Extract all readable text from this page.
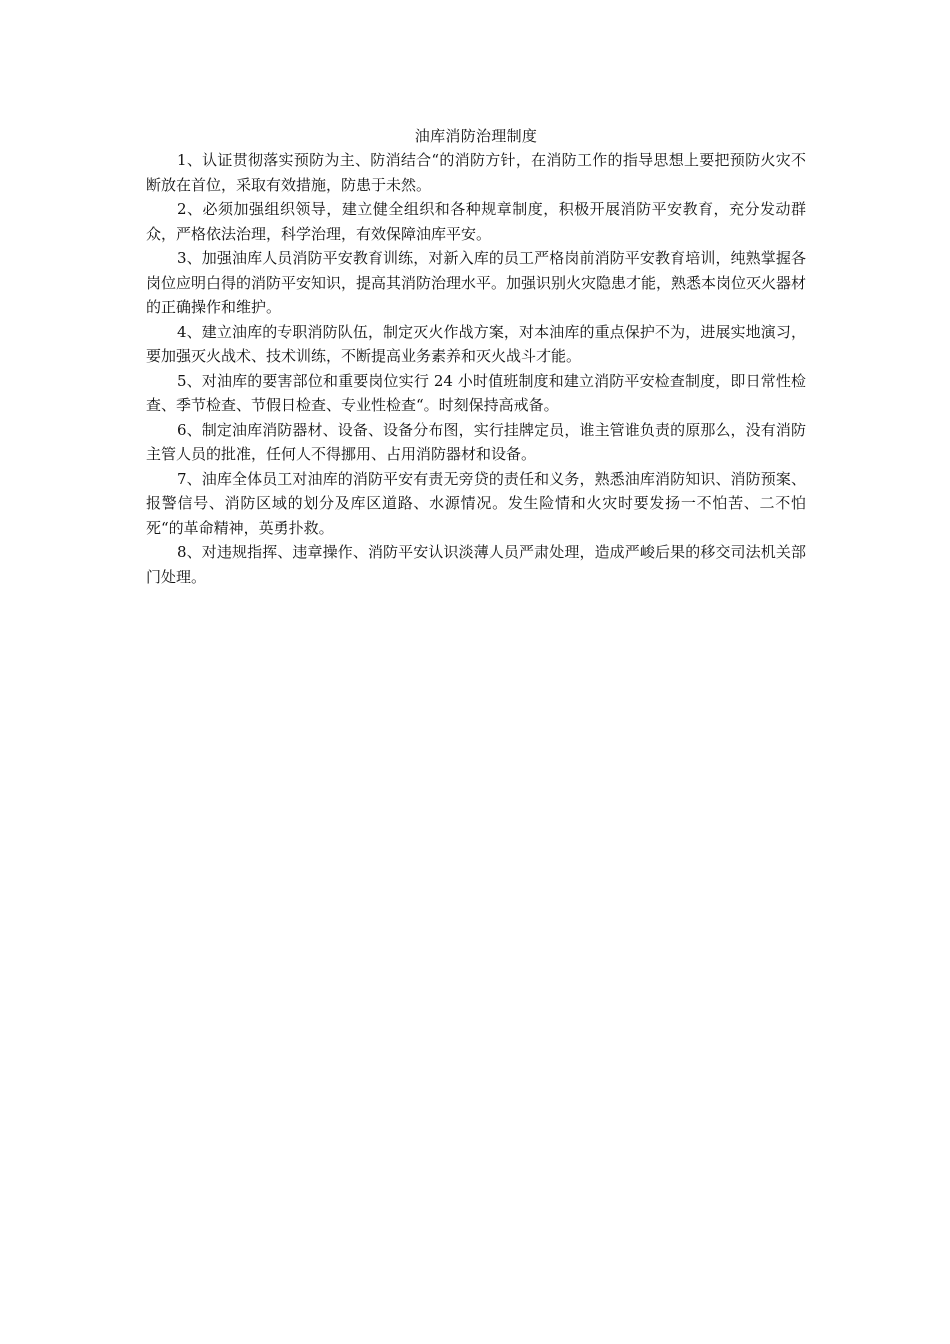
油库消防治理制度

1、认证贯彻落实预防为主、防消结合“的消防方针，在消防工作的指导思想上要把预防火灾不断放在首位，采取有效措施，防患于未然。

2、必须加强组织领导，建立健全组织和各种规章制度，积极开展消防平安教育，充分发动群众，严格依法治理，科学治理，有效保障油库平安。

3、加强油库人员消防平安教育训练，对新入库的员工严格岗前消防平安教育培训，纯熟掌握各岗位应明白得的消防平安知识，提高其消防治理水平。加强识别火灾隐患才能，熟悉本岗位灭火器材的正确操作和维护。

4、建立油库的专职消防队伍，制定灭火作战方案，对本油库的重点保护不为，进展实地演习，要加强灭火战术、技术训练，不断提高业务素养和灭火战斗才能。

5、对油库的要害部位和重要岗位实行 24 小时值班制度和建立消防平安检查制度，即日常性检查、季节检查、节假日检查、专业性检查“。时刻保持高戒备。

6、制定油库消防器材、设备、设备分布图，实行挂牌定员，谁主管谁负责的原那么，没有消防主管人员的批准，任何人不得挪用、占用消防器材和设备。

7、油库全体员工对油库的消防平安有责无旁贷的责任和义务，熟悉油库消防知识、消防预案、报警信号、消防区域的划分及库区道路、水源情况。发生险情和火灾时要发扬一不怕苦、二不怕死“的革命精神，英勇扑救。

8、对违规指挥、违章操作、消防平安认识淡薄人员严肃处理，造成严峻后果的移交司法机关部门处理。
